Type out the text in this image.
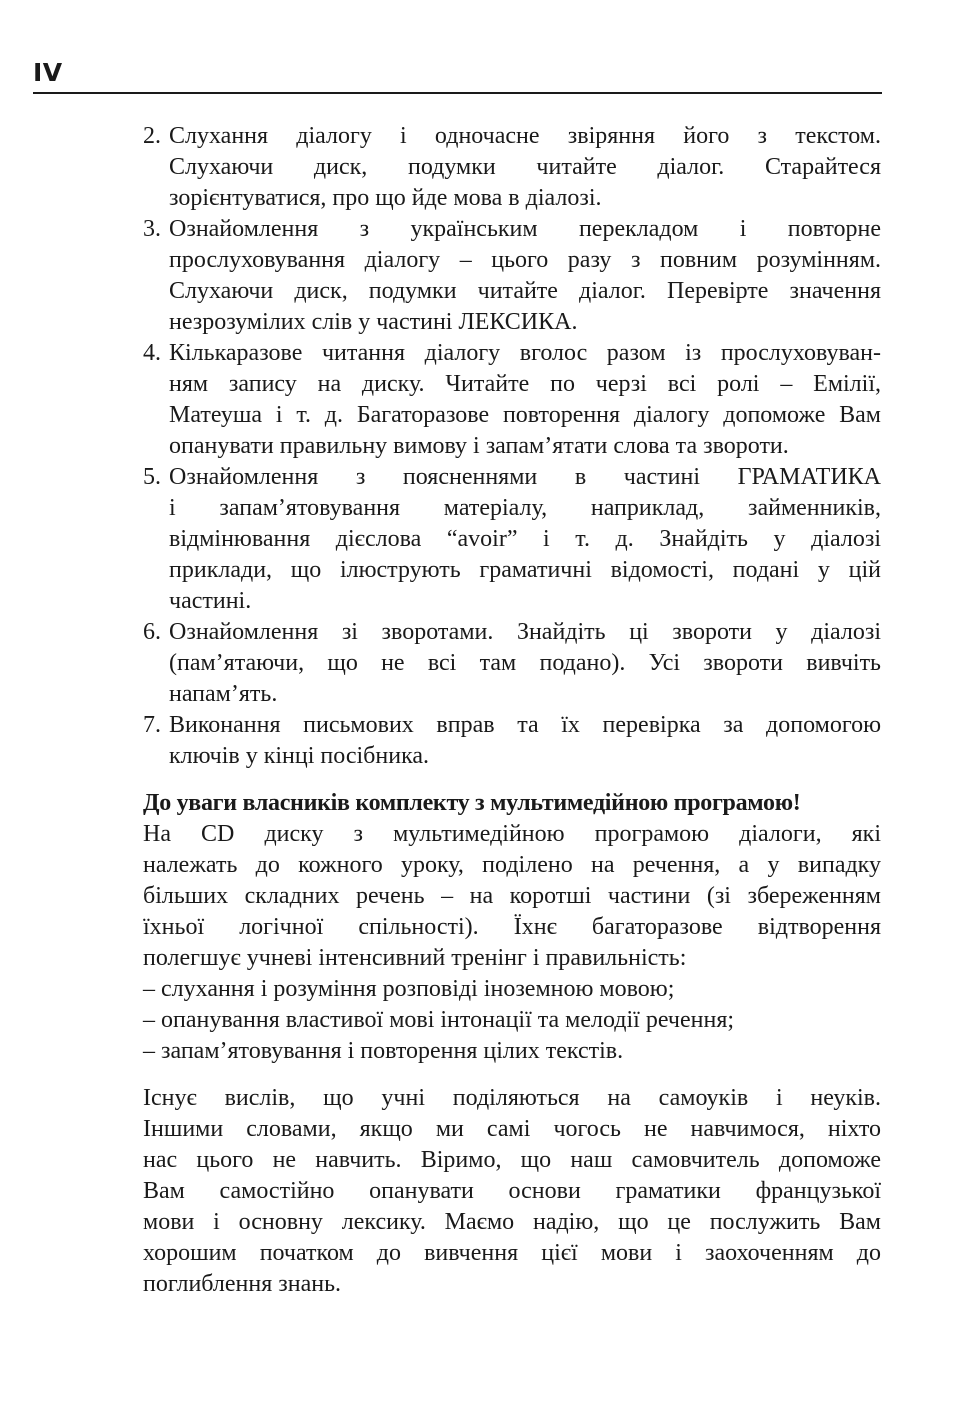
IV
2. Слухання діалогу і одночасне звіряння його з текстом.
Слухаючи диск, подумки читайте діалог. Старайтеся
зорієнтуватися, про що йде мова в діалозі.
3. Ознайомлення з українським перекладом і повторне
прослуховування діалогу – цього разу з повним розумінням.
Слухаючи диск, подумки читайте діалог. Перевірте значення
незрозумілих слів у частині ЛЕКСИКА.
4. Кількаразове читання діалогу вголос разом із прослуховуван-
ням запису на диску. Читайте по черзі всі ролі – Емілії,
Матеуша і т. д. Багаторазове повторення діалогу допоможе Вам
опанувати правильну вимову і запам’ятати слова та звороти.
5. Ознайомлення з поясненнями в частині ГРАМАТИКА
і запам’ятовування матеріалу, наприклад, займенників,
відмінювання дієслова “avoir” і т. д. Знайдіть у діалозі
приклади, що ілюструють граматичні відомості, подані у цій
частині.
6. Ознайомлення зі зворотами. Знайдіть ці звороти у діалозі
(пам’ятаючи, що не всі там подано). Усі звороти вивчіть
напам’ять.
7. Виконання письмових вправ та їх перевірка за допомогою
ключів у кінці посібника.
До уваги власників комплекту з мультимедійною програмою!
На CD диску з мультимедійною програмою діалоги, які
належать до кожного уроку, поділено на речення, а у випадку
більших складних речень – на коротші частини (зі збереженням
їхньої логічної спільності). Їхнє багаторазове відтворення
полегшує учневі інтенсивний тренінг і правильність:
– слухання і розуміння розповіді іноземною мовою;
– опанування властивої мові інтонації та мелодії речення;
– запам’ятовування і повторення цілих текстів.
Існує вислів, що учні поділяються на самоуків і неуків.
Іншими словами, якщо ми самі чогось не навчимося, ніхто
нас цього не навчить. Віримо, що наш самовчитель допоможе
Вам самостійно опанувати основи граматики французької
мови і основну лексику. Маємо надію, що це послужить Вам
хорошим початком до вивчення цієї мови і заохоченням до
поглиблення знань.
